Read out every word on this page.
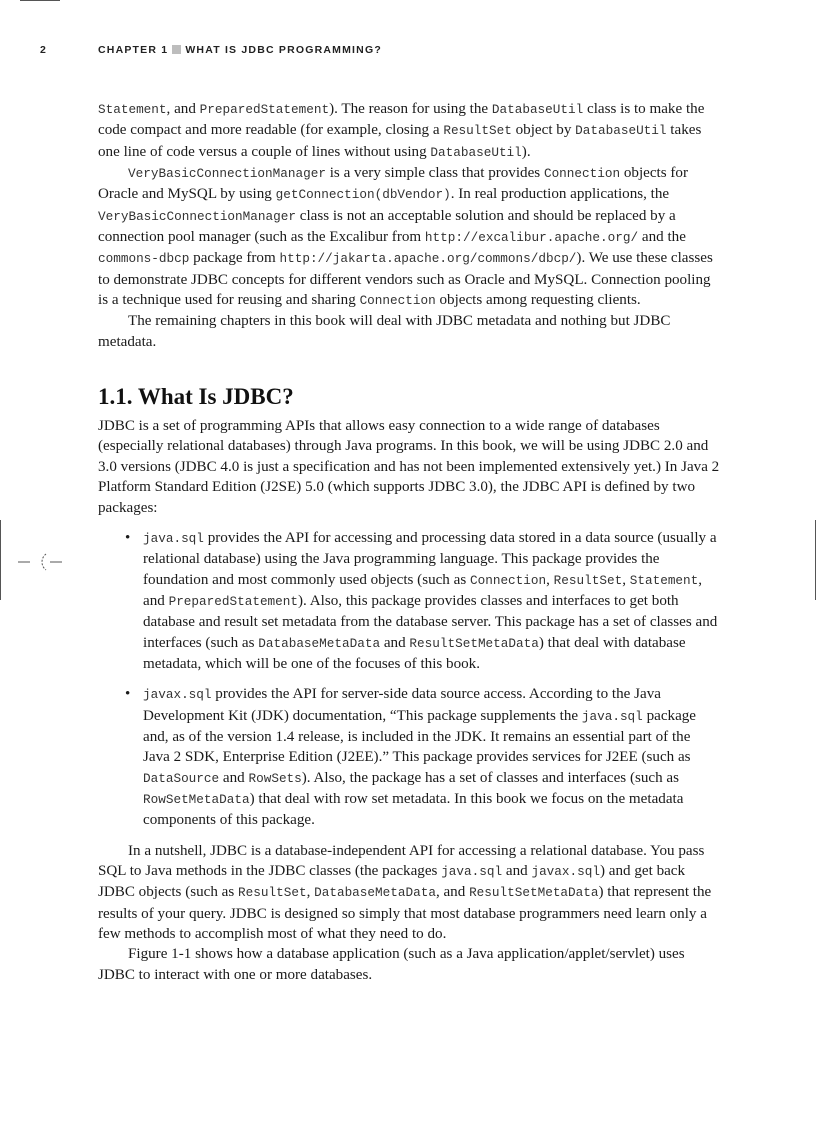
2	CHAPTER 1 WHAT IS JDBC PROGRAMMING?

Statement, and PreparedStatement). The reason for using the DatabaseUtil class is to make the code compact and more readable (for example, closing a ResultSet object by DatabaseUtil takes one line of code versus a couple of lines without using DatabaseUtil).

VeryBasicConnectionManager is a very simple class that provides Connection objects for Oracle and MySQL by using getConnection(dbVendor). In real production applications, the VeryBasicConnectionManager class is not an acceptable solution and should be replaced by a connection pool manager (such as the Excalibur from http://excalibur.apache.org/ and the commons-dbcp package from http://jakarta.apache.org/commons/dbcp/). We use these classes to demonstrate JDBC concepts for different vendors such as Oracle and MySQL. Connection pooling is a technique used for reusing and sharing Connection objects among requesting clients.

The remaining chapters in this book will deal with JDBC metadata and nothing but JDBC metadata.

1.1. What Is JDBC?

JDBC is a set of programming APIs that allows easy connection to a wide range of databases (especially relational databases) through Java programs. In this book, we will be using JDBC 2.0 and 3.0 versions (JDBC 4.0 is just a specification and has not been implemented extensively yet.) In Java 2 Platform Standard Edition (J2SE) 5.0 (which supports JDBC 3.0), the JDBC API is defined by two packages:

• java.sql provides the API for accessing and processing data stored in a data source (usually a relational database) using the Java programming language. This package provides the foundation and most commonly used objects (such as Connection, ResultSet, Statement, and PreparedStatement). Also, this package provides classes and interfaces to get both database and result set metadata from the database server. This package has a set of classes and interfaces (such as DatabaseMetaData and ResultSetMetaData) that deal with database metadata, which will be one of the focuses of this book.
• javax.sql provides the API for server-side data source access. According to the Java Development Kit (JDK) documentation, “This package supplements the java.sql package and, as of the version 1.4 release, is included in the JDK. It remains an essential part of the Java 2 SDK, Enterprise Edition (J2EE).” This package provides services for J2EE (such as DataSource and RowSets). Also, the package has a set of classes and interfaces (such as RowSetMetaData) that deal with row set metadata. In this book we focus on the metadata components of this package.

In a nutshell, JDBC is a database-independent API for accessing a relational database. You pass SQL to Java methods in the JDBC classes (the packages java.sql and javax.sql) and get back JDBC objects (such as ResultSet, DatabaseMetaData, and ResultSetMetaData) that represent the results of your query. JDBC is designed so simply that most database programmers need learn only a few methods to accomplish most of what they need to do.

Figure 1-1 shows how a database application (such as a Java application/applet/servlet) uses JDBC to interact with one or more databases.
